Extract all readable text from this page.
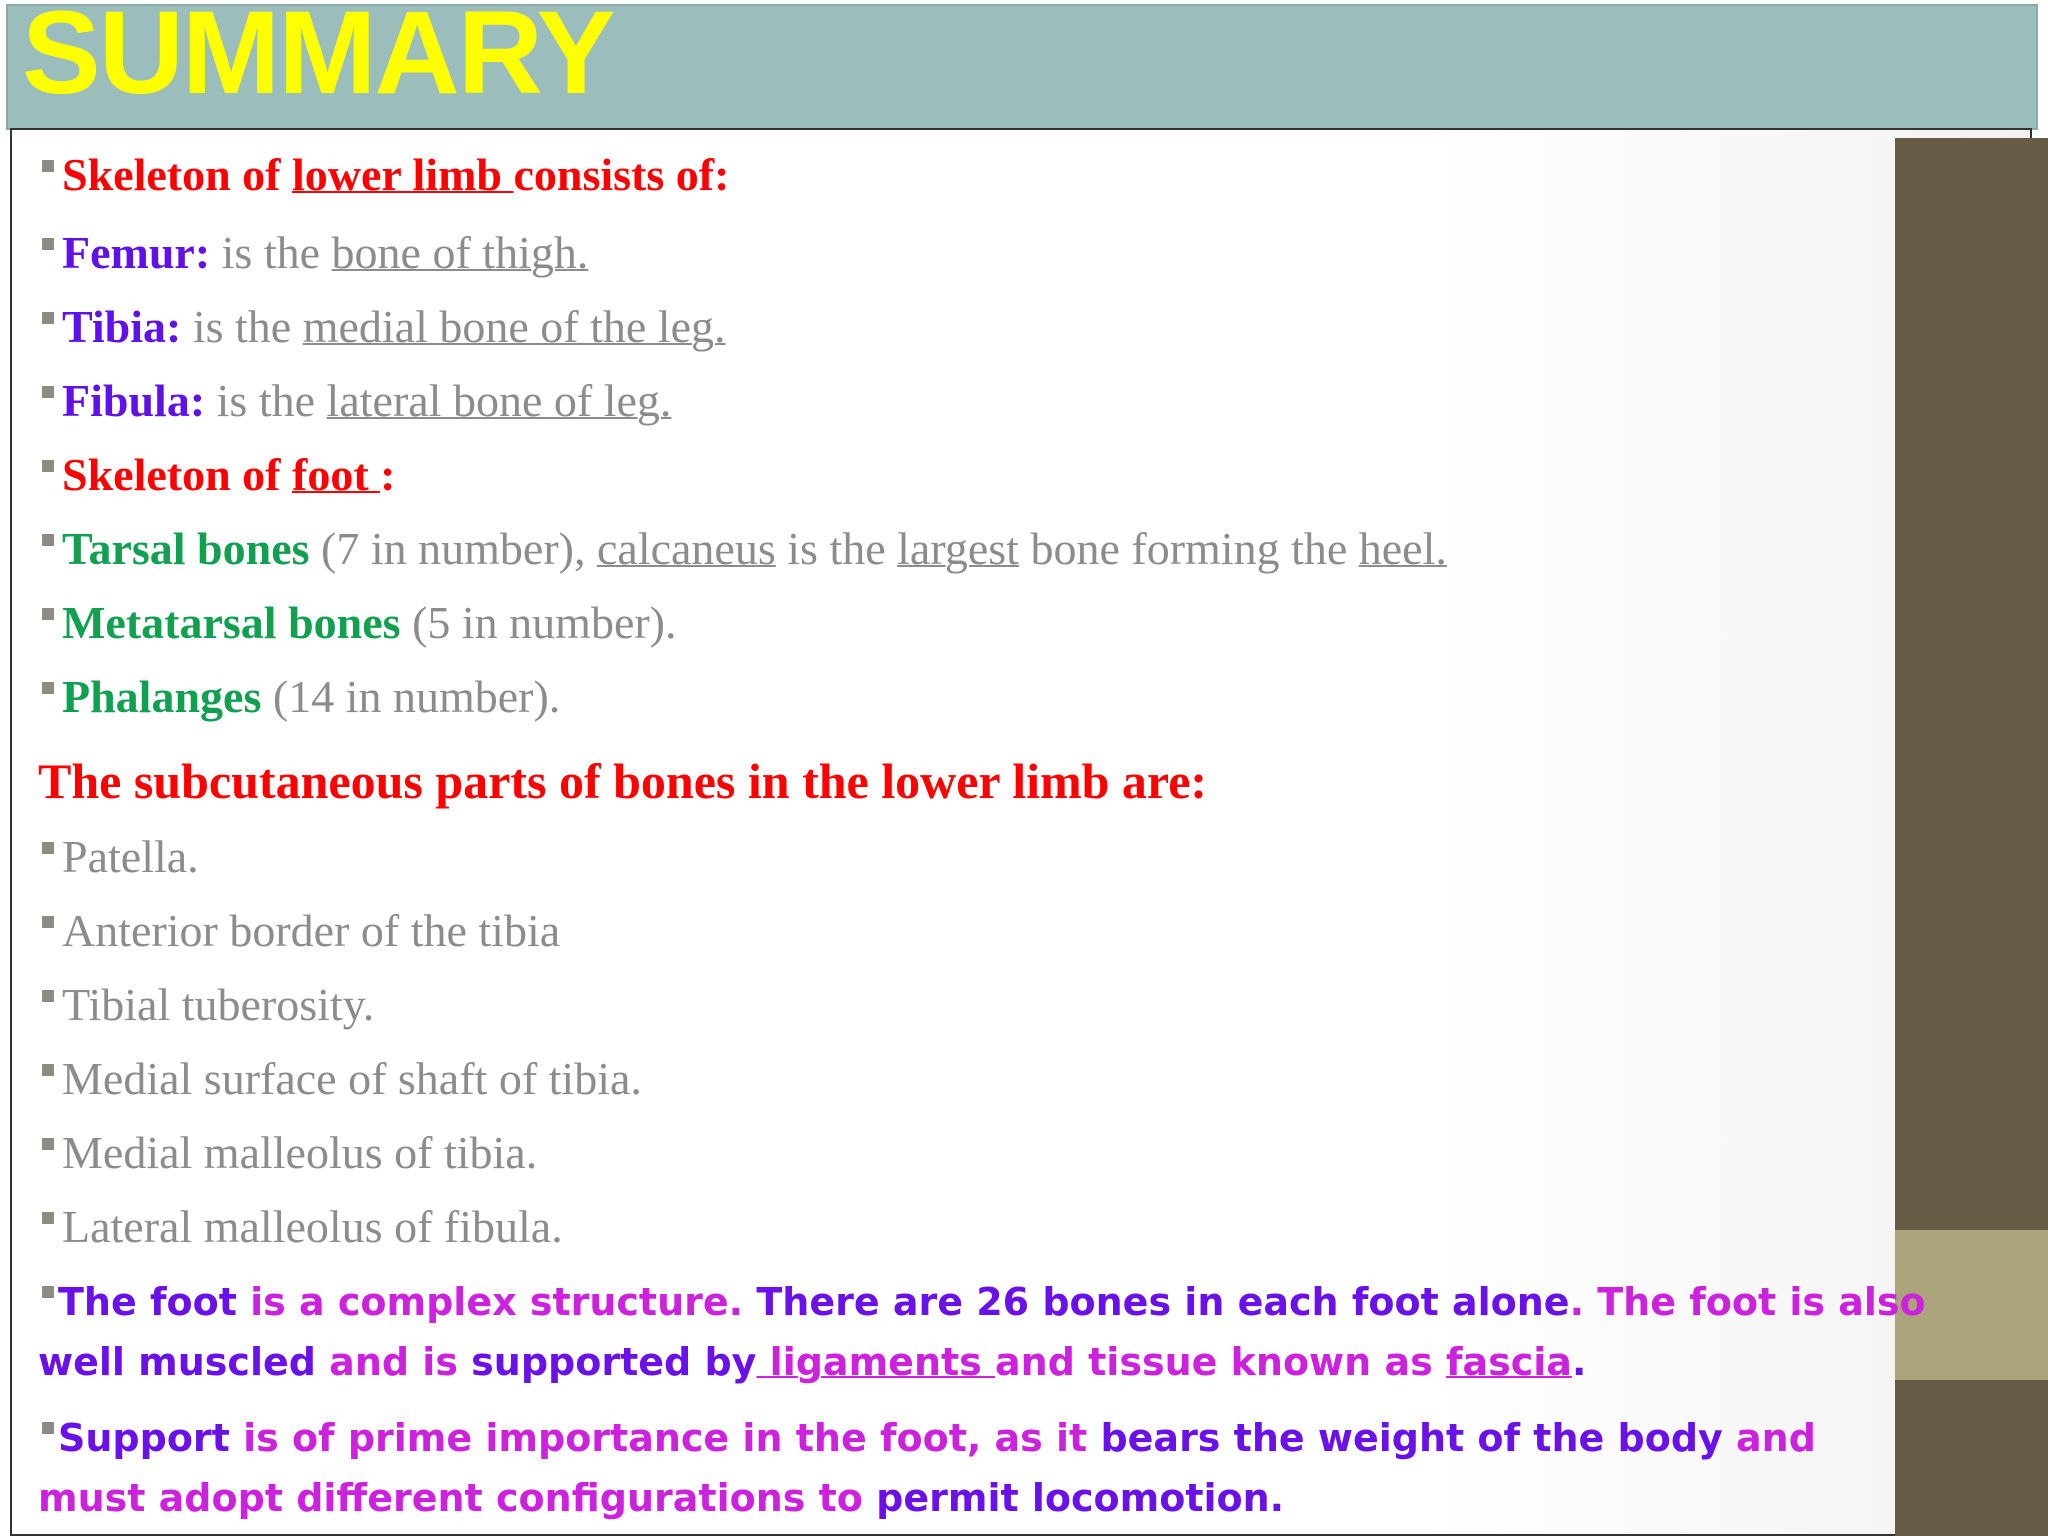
SUMMARY
Skeleton of lower limb consists of:
Femur: is the bone of thigh.
Tibia: is the medial bone of the leg.
Fibula: is the lateral bone of leg.
Skeleton of foot :
Tarsal bones (7 in number), calcaneus is the largest bone forming the heel.
Metatarsal bones (5 in number).
Phalanges (14 in number).
The subcutaneous parts of bones in the lower limb are:
Patella.
Anterior border of the tibia
Tibial tuberosity.
Medial surface of shaft of tibia.
Medial malleolus of tibia.
Lateral malleolus of fibula.
The foot is a complex structure. There are 26 bones in each foot alone. The foot is also well muscled and is supported by ligaments and tissue known as fascia.
Support is of prime importance in the foot, as it bears the weight of the body and must adopt different configurations to permit locomotion.
